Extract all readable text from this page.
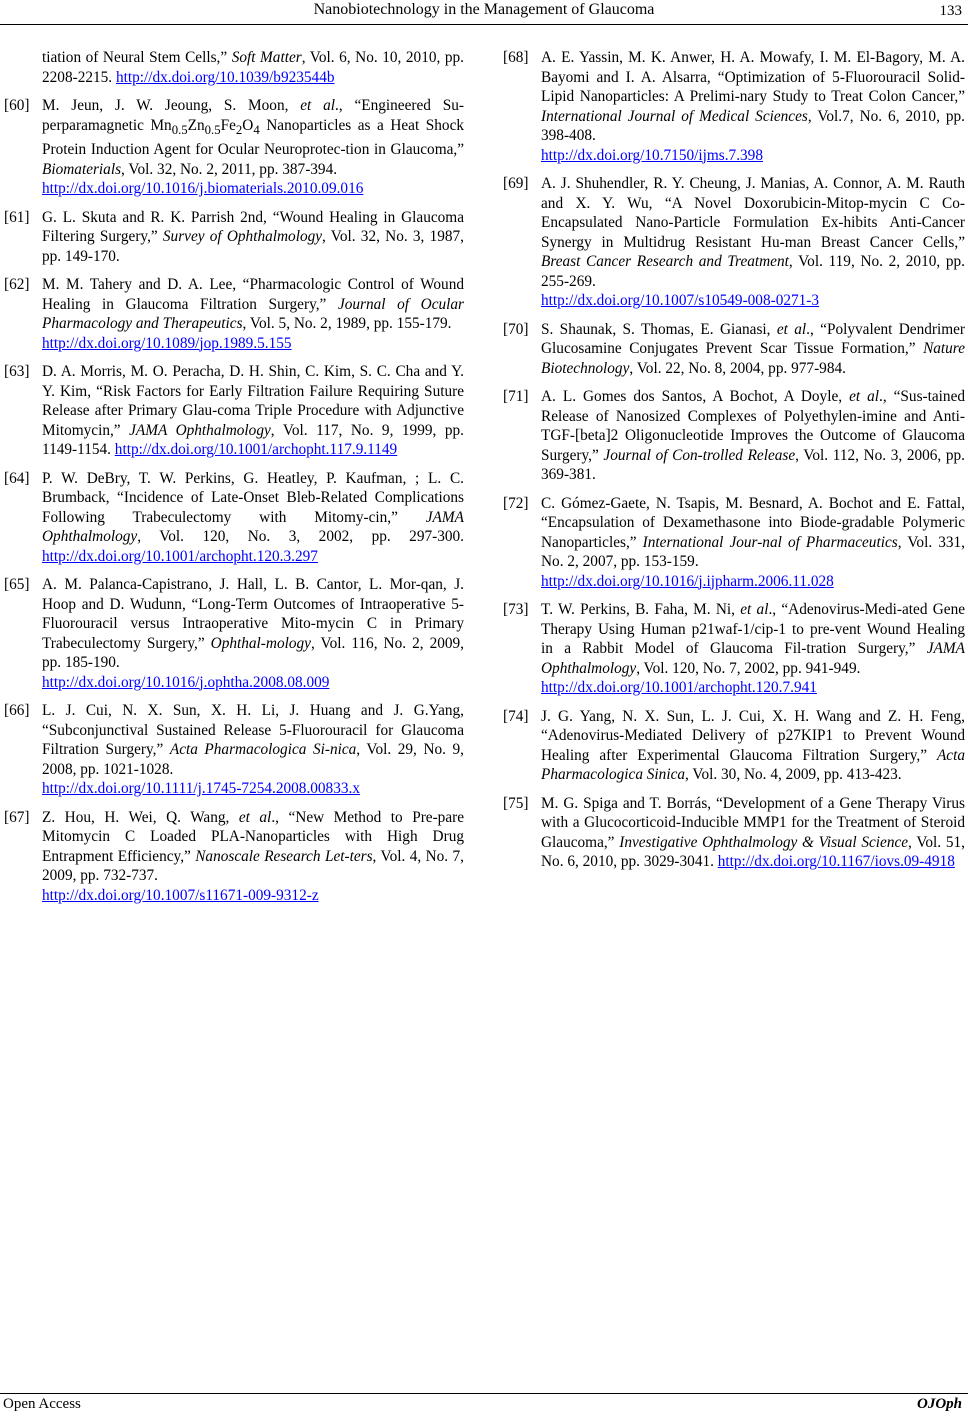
Nanobiotechnology in the Management of Glaucoma	133
tiation of Neural Stem Cells,” Soft Matter, Vol. 6, No. 10, 2010, pp. 2208-2215. http://dx.doi.org/10.1039/b923544b
[60] M. Jeun, J. W. Jeoung, S. Moon, et al., “Engineered Su-perparamagnetic $Mn_{0.5}Zn_{0.5}Fe_2O_4$ Nanoparticles as a Heat Shock Protein Induction Agent for Ocular Neuroprotec-tion in Glaucoma,” Biomaterials, Vol. 32, No. 2, 2011, pp. 387-394.
http://dx.doi.org/10.1016/j.biomaterials.2010.09.016
[61] G. L. Skuta and R. K. Parrish 2nd, “Wound Healing in Glaucoma Filtering Surgery,” Survey of Ophthalmology, Vol. 32, No. 3, 1987, pp. 149-170.
[62] M. M. Tahery and D. A. Lee, “Pharmacologic Control of Wound Healing in Glaucoma Filtration Surgery,” Journal of Ocular Pharmacology and Therapeutics, Vol. 5, No. 2, 1989, pp. 155-179.
http://dx.doi.org/10.1089/jop.1989.5.155
[63] D. A. Morris, M. O. Peracha, D. H. Shin, C. Kim, S. C. Cha and Y. Y. Kim, “Risk Factors for Early Filtration Failure Requiring Suture Release after Primary Glau-coma Triple Procedure with Adjunctive Mitomycin,” JAMA Ophthalmology, Vol. 117, No. 9, 1999, pp. 1149-1154. http://dx.doi.org/10.1001/archopht.117.9.1149
[64] P. W. DeBry, T. W. Perkins, G. Heatley, P. Kaufman, ; L. C. Brumback, “Incidence of Late-Onset Bleb-Related Complications Following Trabeculectomy with Mitomy-cin,” JAMA Ophthalmology, Vol. 120, No. 3, 2002, pp. 297-300. http://dx.doi.org/10.1001/archopht.120.3.297
[65] A. M. Palanca-Capistrano, J. Hall, L. B. Cantor, L. Mor-qan, J. Hoop and D. Wudunn, “Long-Term Outcomes of Intraoperative 5-Fluorouracil versus Intraoperative Mito-mycin C in Primary Trabeculectomy Surgery,” Ophthal-mology, Vol. 116, No. 2, 2009, pp. 185-190.
http://dx.doi.org/10.1016/j.ophtha.2008.08.009
[66] L. J. Cui, N. X. Sun, X. H. Li, J. Huang and J. G.Yang, “Subconjunctival Sustained Release 5-Fluorouracil for Glaucoma Filtration Surgery,” Acta Pharmacologica Si-nica, Vol. 29, No. 9, 2008, pp. 1021-1028.
http://dx.doi.org/10.1111/j.1745-7254.2008.00833.x
[67] Z. Hou, H. Wei, Q. Wang, et al., “New Method to Pre-pare Mitomycin C Loaded PLA-Nanoparticles with High Drug Entrapment Efficiency,” Nanoscale Research Let-ters, Vol. 4, No. 7, 2009, pp. 732-737.
http://dx.doi.org/10.1007/s11671-009-9312-z
[68] A. E. Yassin, M. K. Anwer, H. A. Mowafy, I. M. El-Bagory, M. A. Bayomi and I. A. Alsarra, “Optimization of 5-Fluorouracil Solid-Lipid Nanoparticles: A Prelimi-nary Study to Treat Colon Cancer,” International Journal of Medical Sciences, Vol.7, No. 6, 2010, pp. 398-408.
http://dx.doi.org/10.7150/ijms.7.398
[69] A. J. Shuhendler, R. Y. Cheung, J. Manias, A. Connor, A. M. Rauth and X. Y. Wu, “A Novel Doxorubicin-Mitop-mycin C Co-Encapsulated Nano-Particle Formulation Ex-hibits Anti-Cancer Synergy in Multidrug Resistant Hu-man Breast Cancer Cells,” Breast Cancer Research and Treatment, Vol. 119, No. 2, 2010, pp. 255-269.
http://dx.doi.org/10.1007/s10549-008-0271-3
[70] S. Shaunak, S. Thomas, E. Gianasi, et al., “Polyvalent Dendrimer Glucosamine Conjugates Prevent Scar Tissue Formation,” Nature Biotechnology, Vol. 22, No. 8, 2004, pp. 977-984.
[71] A. L. Gomes dos Santos, A Bochot, A Doyle, et al., “Sus-tained Release of Nanosized Complexes of Polyethylen-imine and Anti-TGF-[beta]2 Oligonucleotide Improves the Outcome of Glaucoma Surgery,” Journal of Con-trolled Release, Vol. 112, No. 3, 2006, pp. 369-381.
[72] C. Gómez-Gaete, N. Tsapis, M. Besnard, A. Bochot and E. Fattal, “Encapsulation of Dexamethasone into Biode-gradable Polymeric Nanoparticles,” International Jour-nal of Pharmaceutics, Vol. 331, No. 2, 2007, pp. 153-159.
http://dx.doi.org/10.1016/j.ijpharm.2006.11.028
[73] T. W. Perkins, B. Faha, M. Ni, et al., “Adenovirus-Medi-ated Gene Therapy Using Human p21waf-1/cip-1 to pre-vent Wound Healing in a Rabbit Model of Glaucoma Fil-tration Surgery,” JAMA Ophthalmology, Vol. 120, No. 7, 2002, pp. 941-949.
http://dx.doi.org/10.1001/archopht.120.7.941
[74] J. G. Yang, N. X. Sun, L. J. Cui, X. H. Wang and Z. H. Feng, “Adenovirus-Mediated Delivery of p27KIP1 to Prevent Wound Healing after Experimental Glaucoma Filtration Surgery,” Acta Pharmacologica Sinica, Vol. 30, No. 4, 2009, pp. 413-423.
[75] M. G. Spiga and T. Borrás, “Development of a Gene Therapy Virus with a Glucocorticoid-Inducible MMP1 for the Treatment of Steroid Glaucoma,” Investigative Ophthalmology & Visual Science, Vol. 51, No. 6, 2010, pp. 3029-3041. http://dx.doi.org/10.1167/iovs.09-4918
Open Access	OJOph
